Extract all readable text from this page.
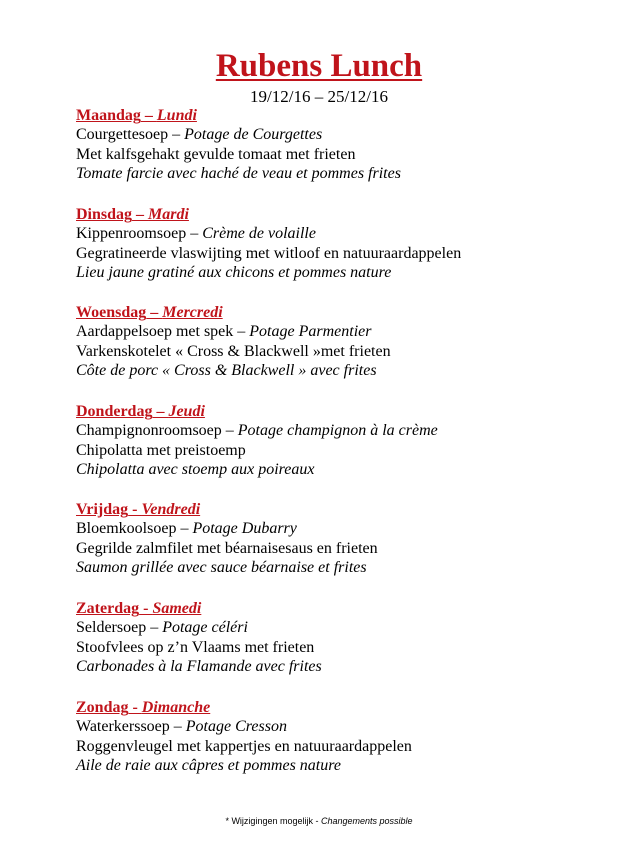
Rubens Lunch
19/12/16 – 25/12/16
Maandag – Lundi
Courgettesoep – Potage de Courgettes
Met kalfsgehakt gevulde tomaat met frieten
Tomate farcie avec haché de veau et pommes frites
Dinsdag – Mardi
Kippenroomsoep – Crème de volaille
Gegratineerde vlaswijting met witloof en natuuraardappelen
Lieu jaune gratiné aux chicons et pommes nature
Woensdag – Mercredi
Aardappelsoep met spek – Potage Parmentier
Varkenskotelet « Cross & Blackwell »met frieten
Côte de porc « Cross & Blackwell » avec frites
Donderdag – Jeudi
Champignonroomsoep – Potage champignon à la crème
Chipolatta met preistoemp
Chipolatta avec stoemp aux poireaux
Vrijdag - Vendredi
Bloemkoolsoep – Potage Dubarry
Gegrilde zalmfilet met béarnaisesaus en frieten
Saumon grillée avec sauce béarnaise et frites
Zaterdag - Samedi
Seldersoep – Potage céléri
Stoofvlees op z’n Vlaams met frieten
Carbonades à la Flamande avec frites
Zondag - Dimanche
Waterkerssoep – Potage Cresson
Roggenvleugel met kappertjes en natuuraardappelen
Aile de raie aux câpres et pommes nature
* Wijzigingen mogelijk - Changements possible
